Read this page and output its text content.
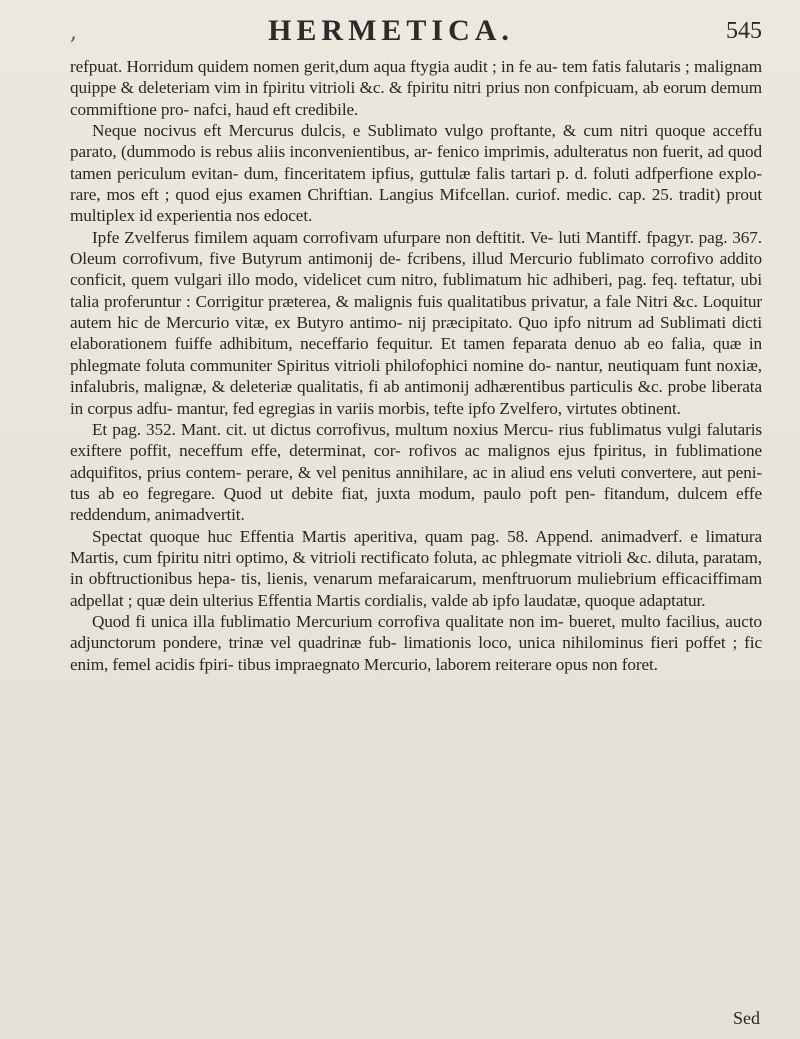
,	HERMETICA.	545

refpuat. Horridum quidem nomen gerit,dum aqua ftygia audit ; in fe au- tem fatis falutaris ; malignam quippe & deleteriam vim in fpiritu vitrioli &c. & fpiritu nitri prius non confpicuam, ab eorum demum commiftione pro- nafci, haud eft credibile.

Neque nocivus eft Mercurus dulcis, e Sublimato vulgo proftante, & cum nitri quoque acceffu parato, (dummodo is rebus aliis inconvenientibus, ar- fenico imprimis, adulteratus non fuerit, ad quod tamen periculum evitan- dum, finceritatem ipfius, guttulæ falis tartari p. d. foluti adfperfione explo- rare, mos eft ; quod ejus examen Chriftian. Langius Mifcellan. curiof. medic. cap. 25. tradit) prout multiplex id experientia nos edocet.

Ipfe Zvelferus fimilem aquam corrofivam ufurpare non deftitit. Ve- luti Mantiff. fpagyr. pag. 367. Oleum corrofivum, five Butyrum antimonij de- fcribens, illud Mercurio fublimato corrofivo addito conficit, quem vulgari illo modo, videlicet cum nitro, fublimatum hic adhiberi, pag. feq. teftatur, ubi talia proferuntur : Corrigitur præterea, & malignis fuis qualitatibus privatur, a fale Nitri &c. Loquitur autem hic de Mercurio vitæ, ex Butyro antimo- nij præcipitato. Quo ipfo nitrum ad Sublimati dicti elaborationem fuiffe adhibitum, neceffario fequitur. Et tamen feparata denuo ab eo falia, quæ in phlegmate foluta communiter Spiritus vitrioli philofophici nomine do- nantur, neutiquam funt noxiæ, infalubris, malignæ, & deleteriæ qualitatis, fi ab antimonij adhærentibus particulis &c. probe liberata in corpus adfu- mantur, fed egregias in variis morbis, tefte ipfo Zvelfero, virtutes obtinent.

Et pag. 352. Mant. cit. ut dictus corrofivus, multum noxius Mercu- rius fublimatus vulgi falutaris exiftere poffit, neceffum effe, determinat, cor- rofivos ac malignos ejus fpiritus, in fublimatione adquifitos, prius contem- perare, & vel penitus annihilare, ac in aliud ens veluti convertere, aut peni- tus ab eo fegregare. Quod ut debite fiat, juxta modum, paulo poft pen- fitandum, dulcem effe reddendum, animadvertit.

Spectat quoque huc Effentia Martis aperitiva, quam pag. 58. Append. animadverf. e limatura Martis, cum fpiritu nitri optimo, & vitrioli rectificato foluta, ac phlegmate vitrioli &c. diluta, paratam, in obftructionibus hepa- tis, lienis, venarum mefaraicarum, menftruorum muliebrium efficaciffimam adpellat ; quæ dein ulterius Effentia Martis cordialis, valde ab ipfo laudatæ, quoque adaptatur.

Quod fi unica illa fublimatio Mercurium corrofiva qualitate non im- bueret, multo facilius, aucto adjunctorum pondere, trinæ vel quadrinæ fub- limationis loco, unica nihilominus fieri poffet ; fic enim, femel acidis fpiri- tibus impraegnato Mercurio, laborem reiterare opus non foret.

Sed
